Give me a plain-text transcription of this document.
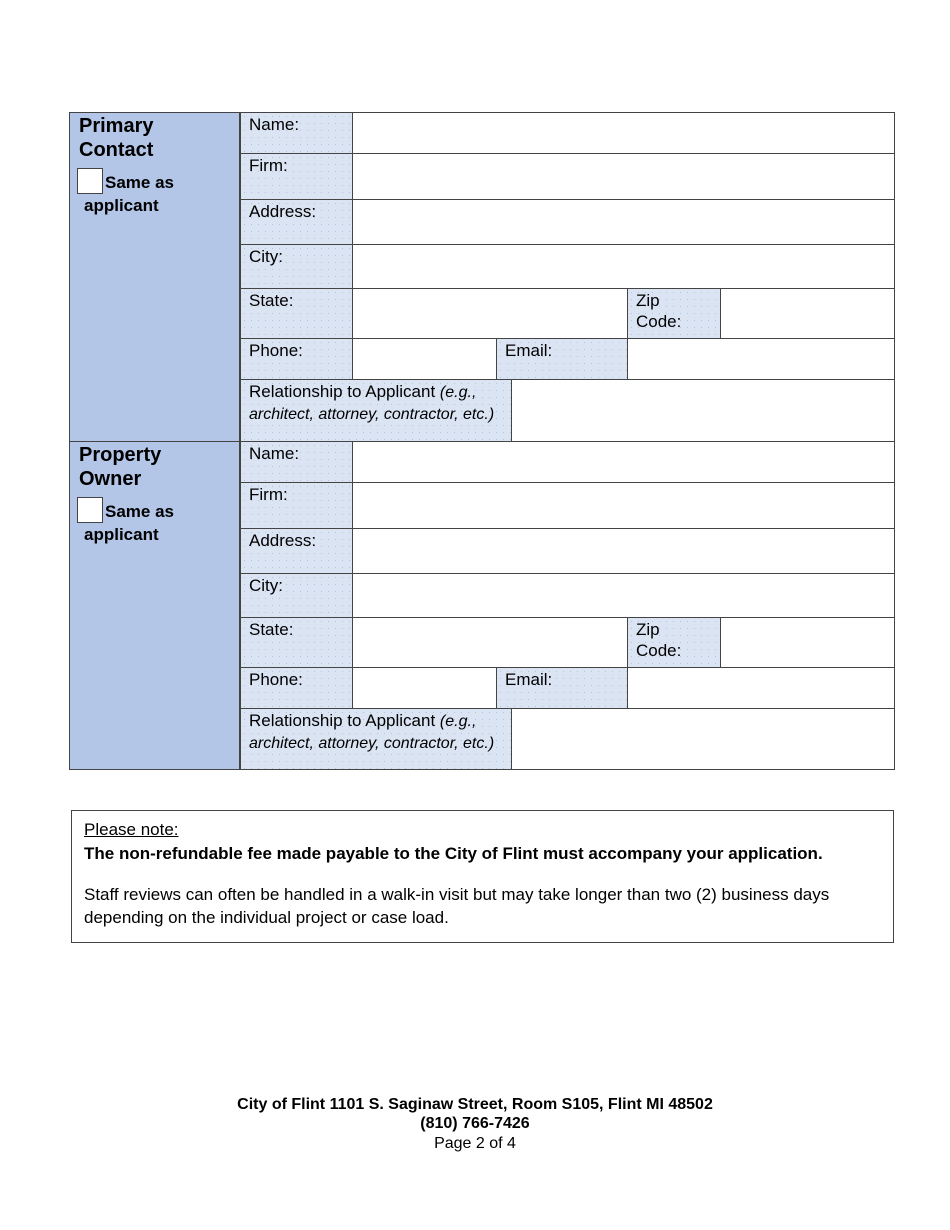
Primary
Contact
Same as
applicant
Name:
Firm:
Address:
City:
State:	Zip
Code:
Phone:	Email:
Relationship to Applicant (e.g., architect, attorney, contractor, etc.)
Property
Owner
Same as
applicant
Name:
Firm:
Address:
City:
State:	Zip
Code:
Phone:	Email:
Relationship to Applicant (e.g., architect, attorney, contractor, etc.)
Please note:
The non-refundable fee made payable to the City of Flint must accompany your application.
Staff reviews can often be handled in a walk-in visit but may take longer than two (2) business days depending on the individual project or case load.
City of Flint 1101 S. Saginaw Street, Room S105, Flint MI 48502
(810) 766-7426
Page 2 of 4
